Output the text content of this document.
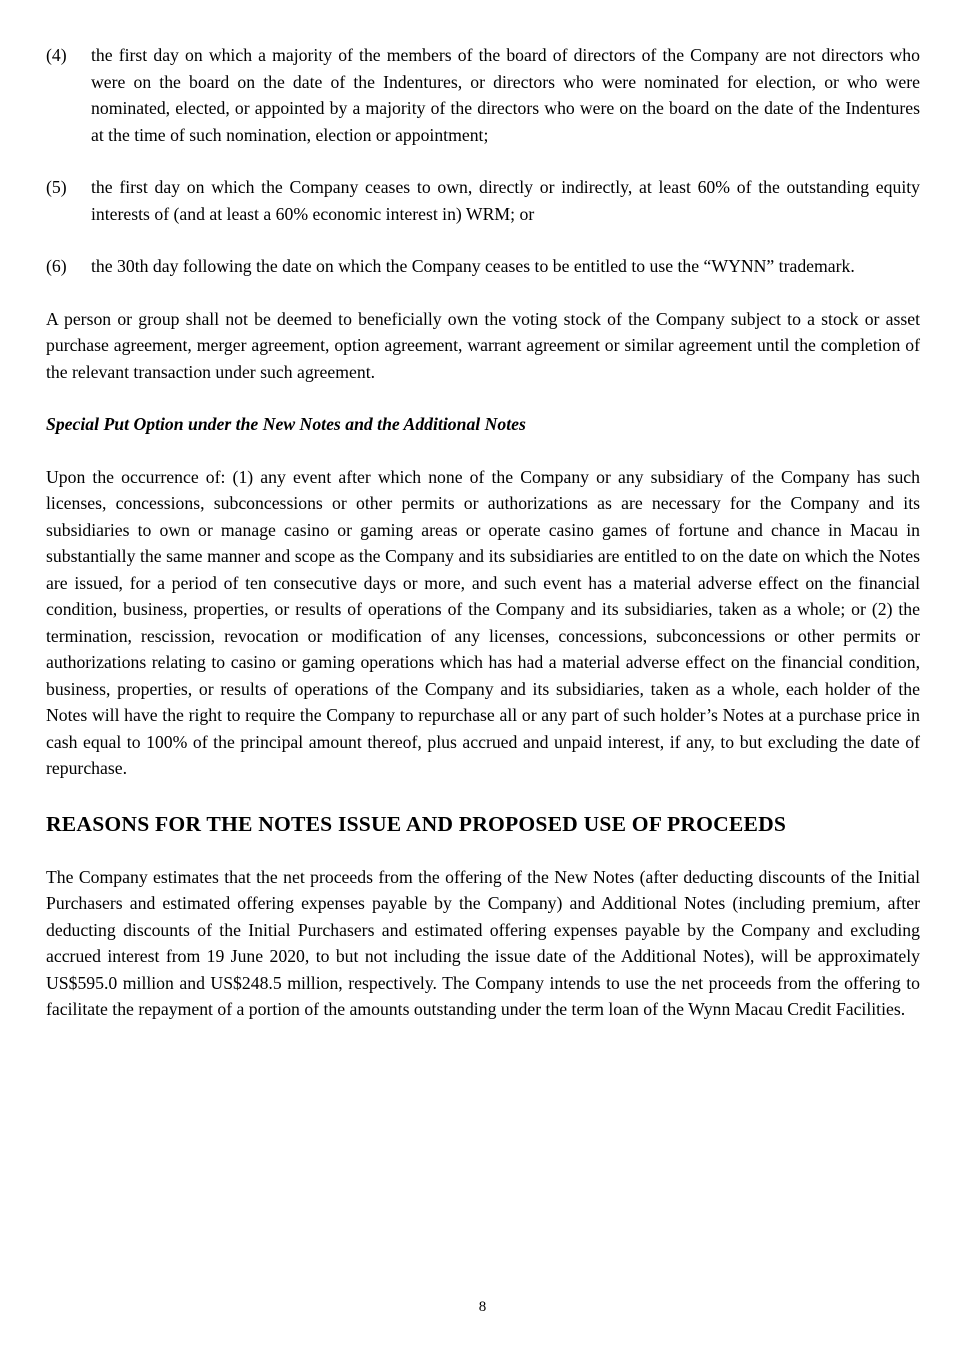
(4)	the first day on which a majority of the members of the board of directors of the Company are not directors who were on the board on the date of the Indentures, or directors who were nominated for election, or who were nominated, elected, or appointed by a majority of the directors who were on the board on the date of the Indentures at the time of such nomination, election or appointment;
(5)	the first day on which the Company ceases to own, directly or indirectly, at least 60% of the outstanding equity interests of (and at least a 60% economic interest in) WRM; or
(6)	the 30th day following the date on which the Company ceases to be entitled to use the “WYNN” trademark.

A person or group shall not be deemed to beneficially own the voting stock of the Company subject to a stock or asset purchase agreement, merger agreement, option agreement, warrant agreement or similar agreement until the completion of the relevant transaction under such agreement.

Special Put Option under the New Notes and the Additional Notes

Upon the occurrence of: (1) any event after which none of the Company or any subsidiary of the Company has such licenses, concessions, subconcessions or other permits or authorizations as are necessary for the Company and its subsidiaries to own or manage casino or gaming areas or operate casino games of fortune and chance in Macau in substantially the same manner and scope as the Company and its subsidiaries are entitled to on the date on which the Notes are issued, for a period of ten consecutive days or more, and such event has a material adverse effect on the financial condition, business, properties, or results of operations of the Company and its subsidiaries, taken as a whole; or (2) the termination, rescission, revocation or modification of any licenses, concessions, subconcessions or other permits or authorizations relating to casino or gaming operations which has had a material adverse effect on the financial condition, business, properties, or results of operations of the Company and its subsidiaries, taken as a whole, each holder of the Notes will have the right to require the Company to repurchase all or any part of such holder’s Notes at a purchase price in cash equal to 100% of the principal amount thereof, plus accrued and unpaid interest, if any, to but excluding the date of repurchase.

REASONS FOR THE NOTES ISSUE AND PROPOSED USE OF PROCEEDS

The Company estimates that the net proceeds from the offering of the New Notes (after deducting discounts of the Initial Purchasers and estimated offering expenses payable by the Company) and Additional Notes (including premium, after deducting discounts of the Initial Purchasers and estimated offering expenses payable by the Company and excluding accrued interest from 19 June 2020, to but not including the issue date of the Additional Notes), will be approximately US$595.0 million and US$248.5 million, respectively. The Company intends to use the net proceeds from the offering to facilitate the repayment of a portion of the amounts outstanding under the term loan of the Wynn Macau Credit Facilities.

8
